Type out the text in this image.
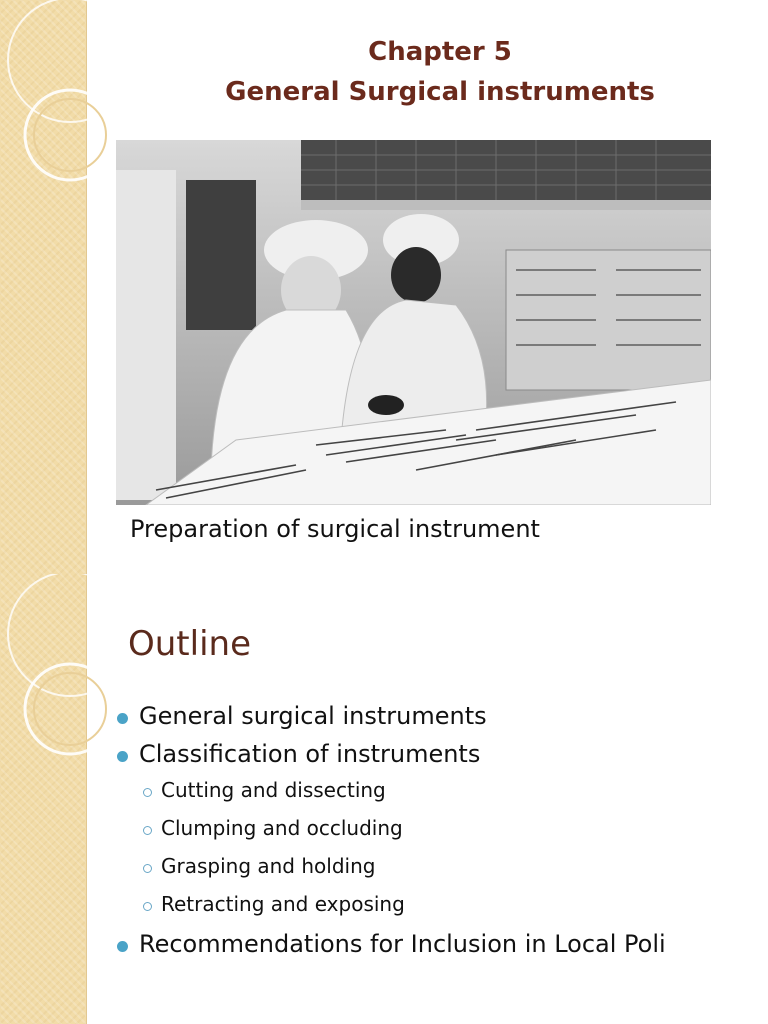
Chapter 5
General Surgical instruments
Preparation of surgical instrument
Outline
General surgical instruments
Classification of instruments
Cutting and dissecting
Clumping and occluding
Grasping and holding
Retracting and exposing
Recommendations for Inclusion in Local Poli
